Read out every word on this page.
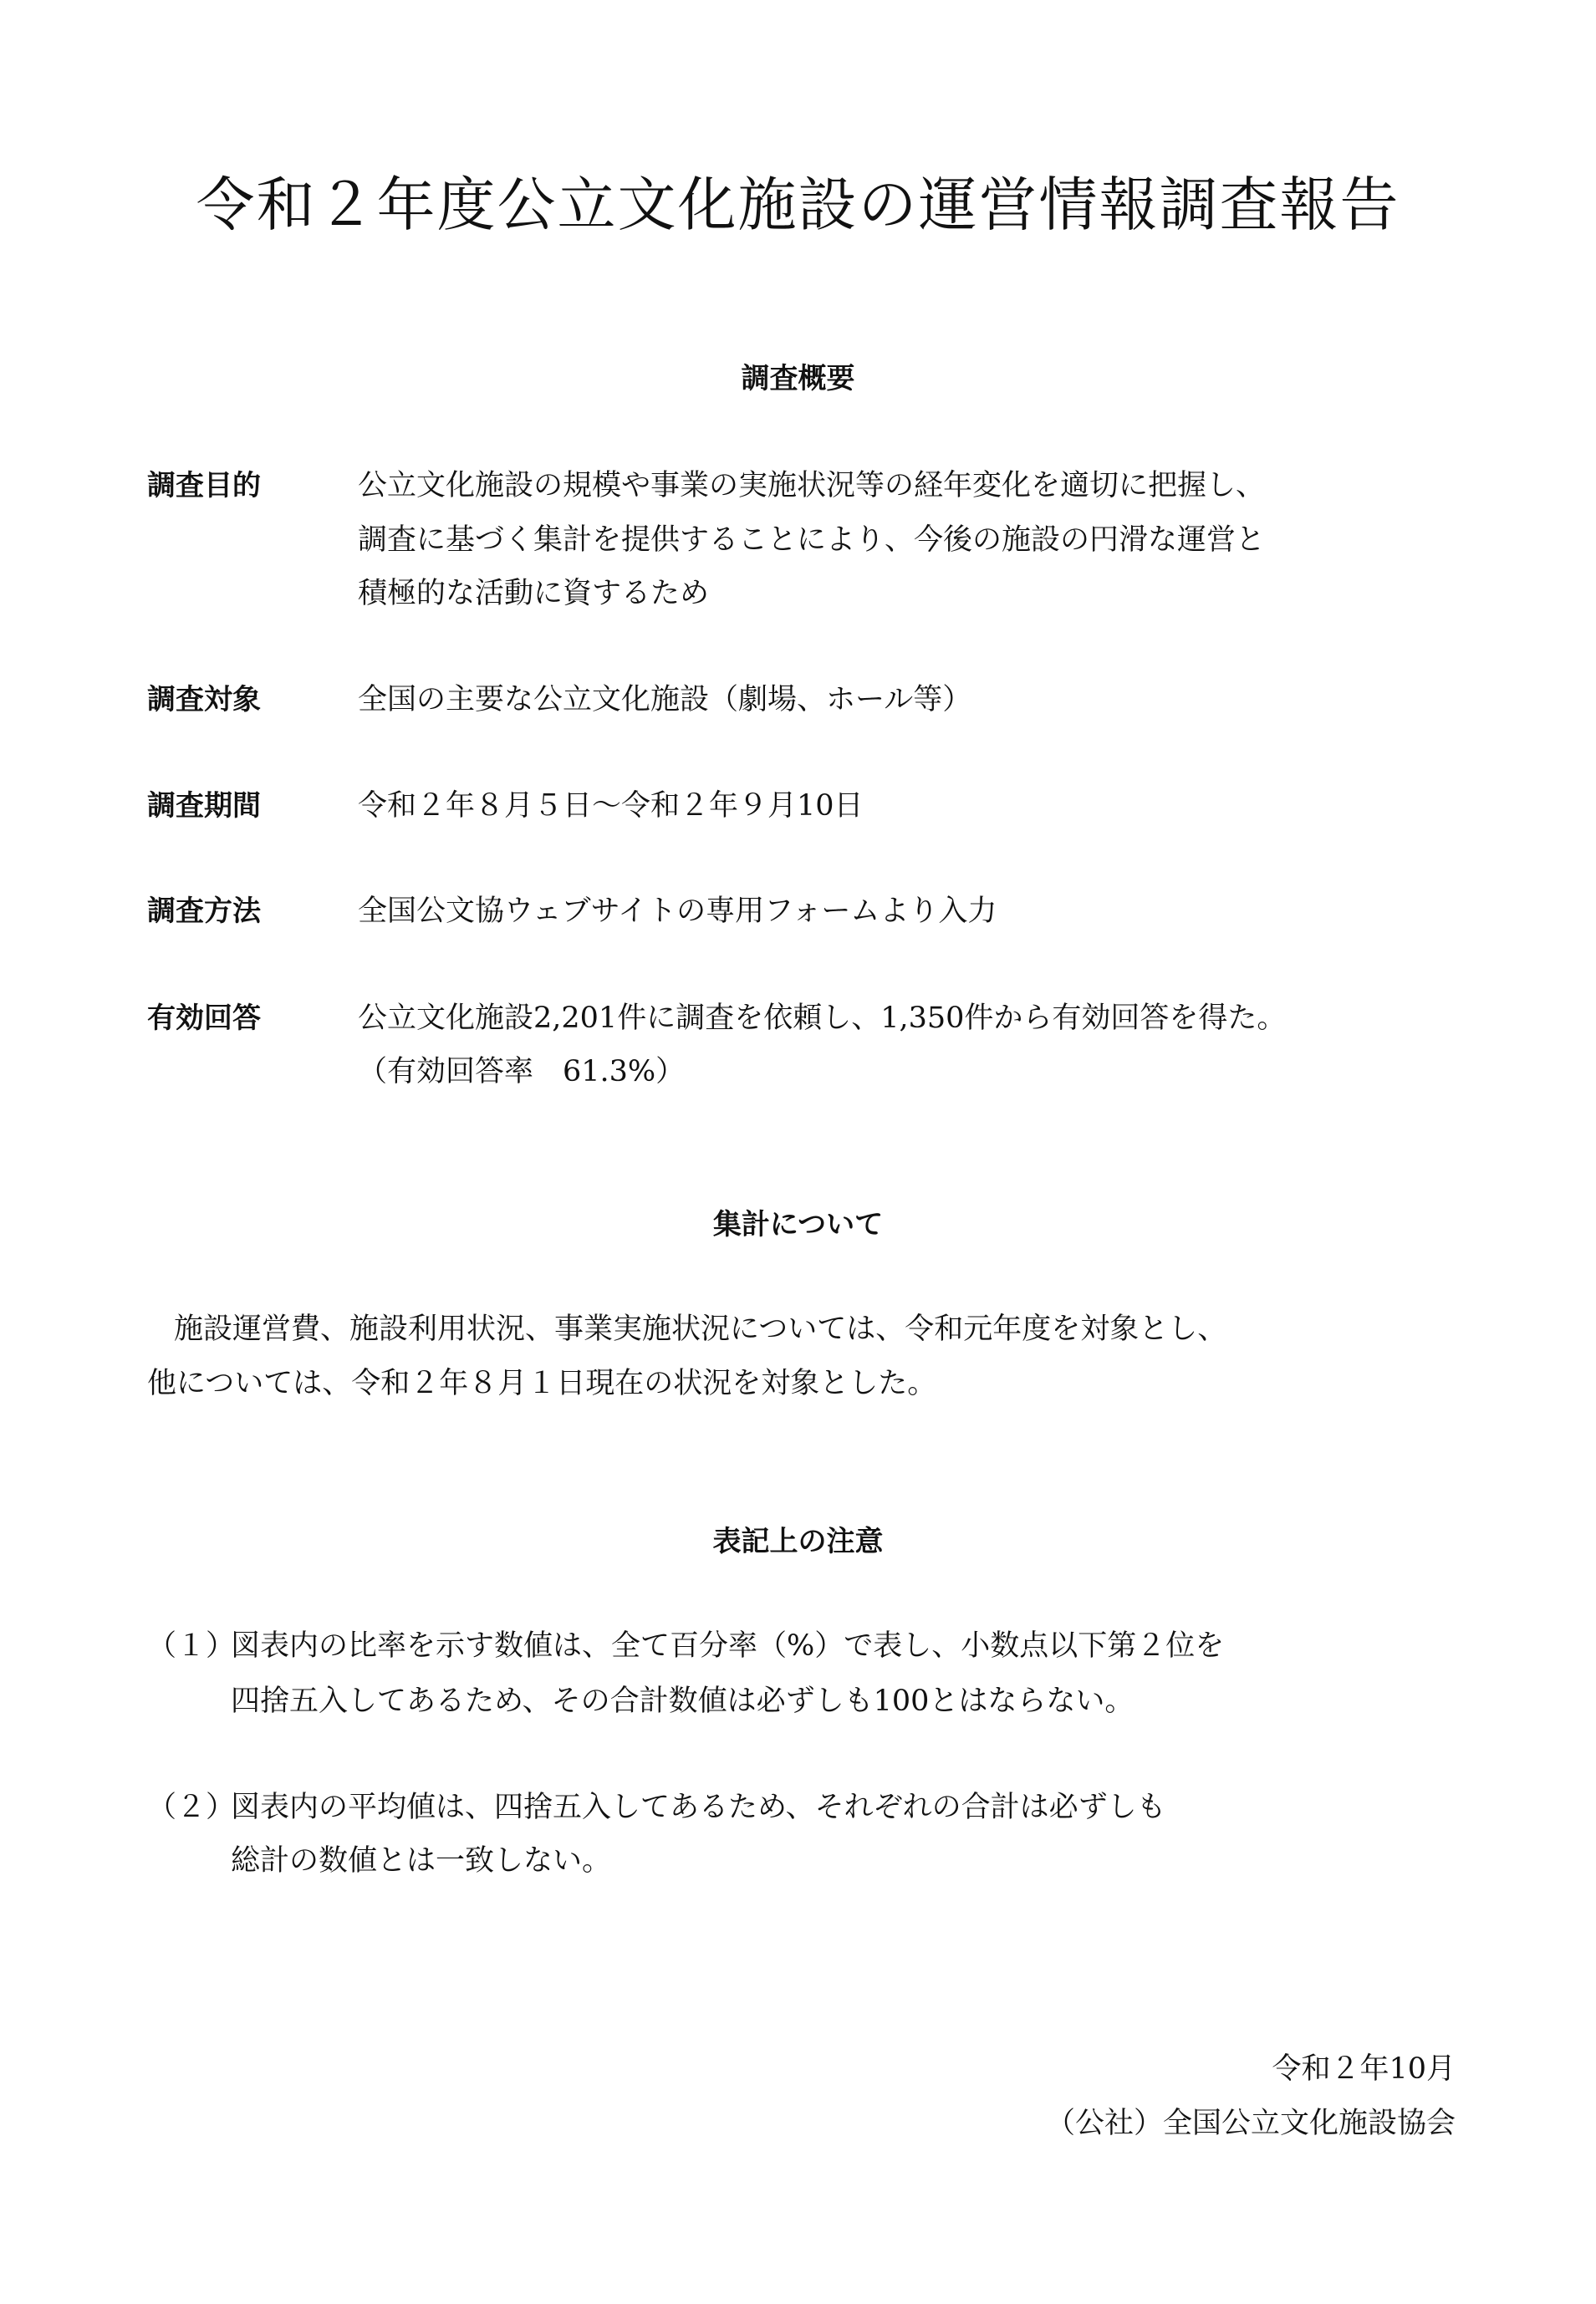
令和２年度公立文化施設の運営情報調査報告
調査概要
調査目的	公立文化施設の規模や事業の実施状況等の経年変化を適切に把握し、
調査に基づく集計を提供することにより、今後の施設の円滑な運営と
積極的な活動に資するため
調査対象	全国の主要な公立文化施設（劇場、ホール等）
調査期間	令和２年８月５日～令和２年９月10日
調査方法	全国公文協ウェブサイトの専用フォームより入力
有効回答	公立文化施設2,201件に調査を依頼し、1,350件から有効回答を得た。
（有効回答率　61.3%）
集計について
施設運営費、施設利用状況、事業実施状況については、令和元年度を対象とし、
他については、令和２年８月１日現在の状況を対象とした。
表記上の注意
（１）
図表内の比率を示す数値は、全て百分率（%）で表し、小数点以下第２位を
四捨五入してあるため、その合計数値は必ずしも100とはならない。
（２）
図表内の平均値は、四捨五入してあるため、それぞれの合計は必ずしも
総計の数値とは一致しない。
令和２年10月
（公社）全国公立文化施設協会
